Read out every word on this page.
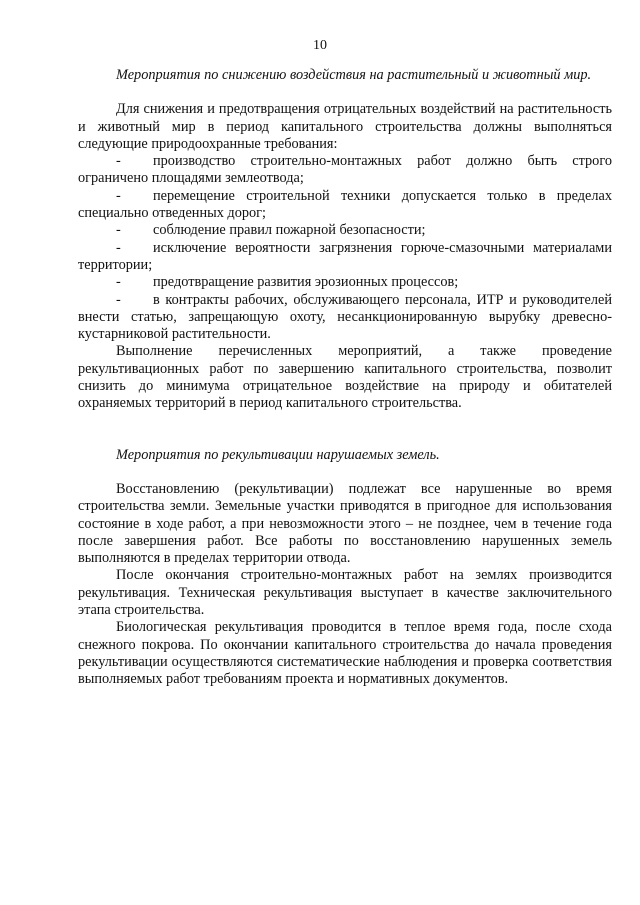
10

Мероприятия по снижению воздействия на растительный и животный мир.

Для снижения и предотвращения отрицательных воздействий на растительность и животный мир в период капитального строительства должны выполняться следующие природоохранные требования:

- производство строительно-монтажных работ должно быть строго ограничено площадями землеотвода;

- перемещение строительной техники допускается только в пределах специально отведенных дорог;

- соблюдение правил пожарной безопасности;

- исключение вероятности загрязнения горюче-смазочными материалами территории;

- предотвращение развития эрозионных процессов;

- в контракты рабочих, обслуживающего персонала, ИТР и руководителей внести статью, запрещающую охоту, несанкционированную вырубку древесно-кустарниковой растительности.

Выполнение перечисленных мероприятий, а также проведение рекультивационных работ по завершению капитального строительства, позволит снизить до минимума отрицательное воздействие на природу и обитателей охраняемых территорий в период капитального строительства.

Мероприятия по рекультивации нарушаемых земель.

Восстановлению (рекультивации) подлежат все нарушенные во время строительства земли. Земельные участки приводятся в пригодное для использования состояние в ходе работ, а при невозможности этого – не позднее, чем в течение года после завершения работ. Все работы по восстановлению нарушенных земель выполняются в пределах территории отвода.

После окончания строительно-монтажных работ на землях производится рекультивация. Техническая рекультивация выступает в качестве заключительного этапа строительства.

Биологическая рекультивация проводится в теплое время года, после схода снежного покрова. По окончании капитального строительства до начала проведения рекультивации осуществляются систематические наблюдения и проверка соответствия выполняемых работ требованиям проекта и нормативных документов.
